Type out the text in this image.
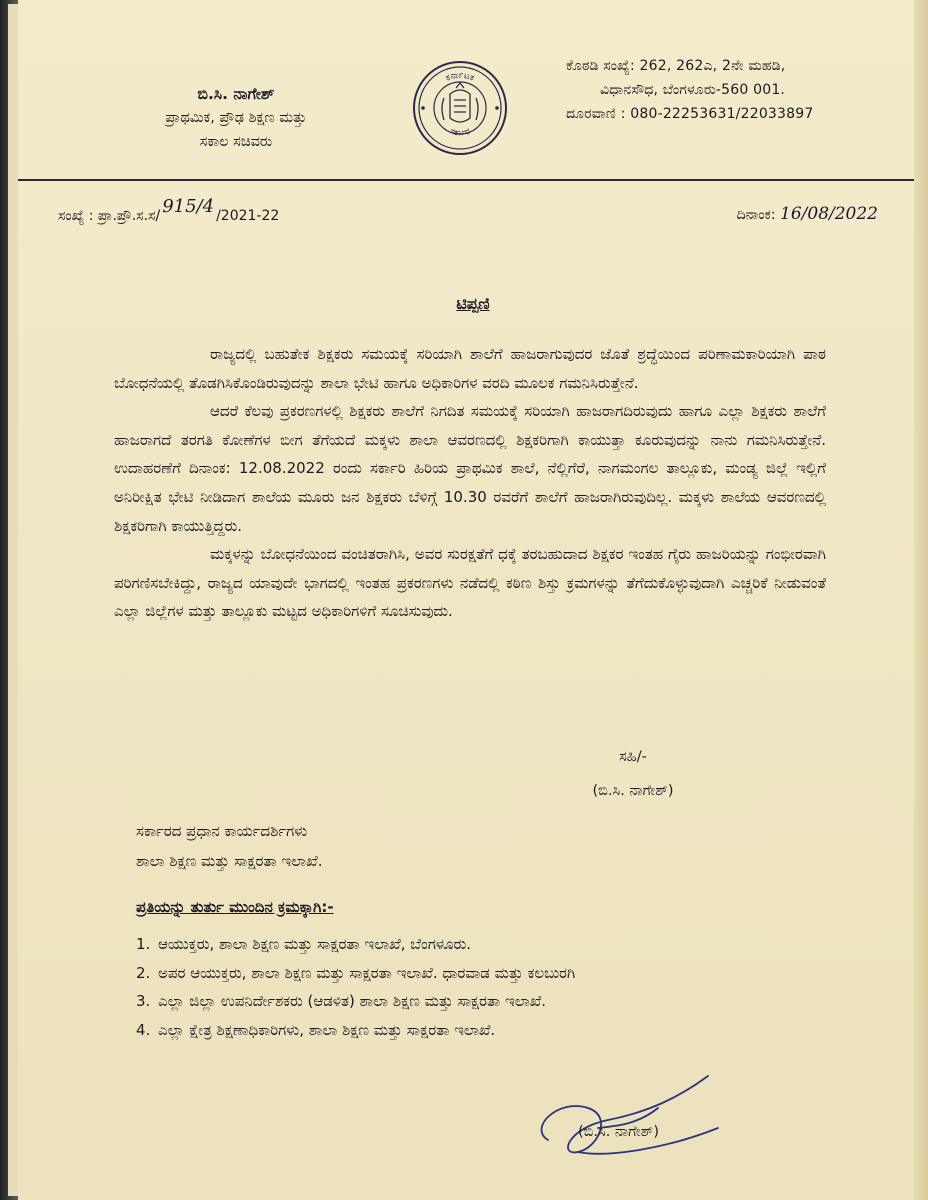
ಬಿ.ಸಿ. ನಾಗೇಶ್
ಪ್ರಾಥಮಿಕ, ಪ್ರೌಢ ಶಿಕ್ಷಣ ಮತ್ತು
ಸಕಾಲ ಸಚಿವರು
ಕರ್ನಾಟಕ
ಸರ್ಕಾರ
ಕೊಠಡಿ ಸಂಖ್ಯೆ: 262, 262ಎ, 2ನೇ ಮಹಡಿ,
ವಿಧಾನಸೌಧ, ಬೆಂಗಳೂರು-560 001.
ದೂರವಾಣಿ : 080-22253631/22033897
ಸಂಖ್ಯೆ : ಪ್ರಾ.ಪ್ರೌ.ಸ.ಸ/ 915/4 /2021-22	ದಿನಾಂಕ: 16/08/2022
ಟಿಪ್ಪಣಿ

ರಾಜ್ಯದಲ್ಲಿ ಬಹುತೇಕ ಶಿಕ್ಷಕರು ಸಮಯಕ್ಕೆ ಸರಿಯಾಗಿ ಶಾಲೆಗೆ ಹಾಜರಾಗುವುದರ ಜೊತೆ ಶ್ರದ್ಧೆಯಿಂದ ಪರಿಣಾಮಕಾರಿಯಾಗಿ ಪಾಠ ಬೋಧನೆಯಲ್ಲಿ ತೊಡಗಿಸಿಕೊಂಡಿರುವುದನ್ನು ಶಾಲಾ ಭೇಟಿ ಹಾಗೂ ಅಧಿಕಾರಿಗಳ ವರದಿ ಮೂಲಕ ಗಮನಿಸಿರುತ್ತೇನೆ.

ಆದರೆ ಕೆಲವು ಪ್ರಕರಣಗಳಲ್ಲಿ ಶಿಕ್ಷಕರು ಶಾಲೆಗೆ ನಿಗದಿತ ಸಮಯಕ್ಕೆ ಸರಿಯಾಗಿ ಹಾಜರಾಗದಿರುವುದು ಹಾಗೂ ಎಲ್ಲಾ ಶಿಕ್ಷಕರು ಶಾಲೆಗೆ ಹಾಜರಾಗದೆ ತರಗತಿ ಕೋಣೆಗಳ ಬೀಗ ತೆಗೆಯದೆ ಮಕ್ಕಳು ಶಾಲಾ ಆವರಣದಲ್ಲಿ ಶಿಕ್ಷಕರಿಗಾಗಿ ಕಾಯುತ್ತಾ ಕೂರುವುದನ್ನು ನಾನು ಗಮನಿಸಿರುತ್ತೇನೆ. ಉದಾಹರಣೆಗೆ ದಿನಾಂಕ: 12.08.2022 ರಂದು ಸರ್ಕಾರಿ ಹಿರಿಯ ಪ್ರಾಥಮಿಕ ಶಾಲೆ, ನೆಲ್ಲಿಗೆರೆ, ನಾಗಮಂಗಲ ತಾಲ್ಲೂಕು, ಮಂಡ್ಯ ಜಿಲ್ಲೆ ಇಲ್ಲಿಗೆ ಅನಿರೀಕ್ಷಿತ ಭೇಟಿ ನೀಡಿದಾಗ ಶಾಲೆಯ ಮೂರು ಜನ ಶಿಕ್ಷಕರು ಬೆಳಿಗ್ಗೆ 10.30 ರವರೆಗೆ ಶಾಲೆಗೆ ಹಾಜರಾಗಿರುವುದಿಲ್ಲ. ಮಕ್ಕಳು ಶಾಲೆಯ ಆವರಣದಲ್ಲಿ ಶಿಕ್ಷಕರಿಗಾಗಿ ಕಾಯುತ್ತಿದ್ದರು.

ಮಕ್ಕಳನ್ನು ಬೋಧನೆಯಿಂದ ವಂಚಿತರಾಗಿಸಿ, ಅವರ ಸುರಕ್ಷತೆಗೆ ಧಕ್ಕೆ ತರಬಹುದಾದ ಶಿಕ್ಷಕರ ಇಂತಹ ಗೈರು ಹಾಜರಿಯನ್ನು ಗಂಭೀರವಾಗಿ ಪರಿಗಣಿಸಬೇಕಿದ್ದು, ರಾಜ್ಯದ ಯಾವುದೇ ಭಾಗದಲ್ಲಿ ಇಂತಹ ಪ್ರಕರಣಗಳು ನಡೆದಲ್ಲಿ ಕಠಿಣ ಶಿಸ್ತು ಕ್ರಮಗಳನ್ನು ತೆಗೆದುಕೊಳ್ಳುವುದಾಗಿ ಎಚ್ಚರಿಕೆ ನೀಡುವಂತೆ ಎಲ್ಲಾ ಜಿಲ್ಲೆಗಳ ಮತ್ತು ತಾಲ್ಲೂಕು ಮಟ್ಟದ ಅಧಿಕಾರಿಗಳಿಗೆ ಸೂಚಿಸುವುದು.

ಸಹಿ/-
(ಬಿ.ಸಿ. ನಾಗೇಶ್)
ಸರ್ಕಾರದ ಪ್ರಧಾನ ಕಾರ್ಯದರ್ಶಿಗಳು
ಶಾಲಾ ಶಿಕ್ಷಣ ಮತ್ತು ಸಾಕ್ಷರತಾ ಇಲಾಖೆ.
ಪ್ರತಿಯನ್ನು ತುರ್ತು ಮುಂದಿನ ಕ್ರಮಕ್ಕಾಗಿ:-
1. ಆಯುಕ್ತರು, ಶಾಲಾ ಶಿಕ್ಷಣ ಮತ್ತು ಸಾಕ್ಷರತಾ ಇಲಾಖೆ, ಬೆಂಗಳೂರು.
2. ಅಪರ ಆಯುಕ್ತರು, ಶಾಲಾ ಶಿಕ್ಷಣ ಮತ್ತು ಸಾಕ್ಷರತಾ ಇಲಾಖೆ. ಧಾರವಾಡ ಮತ್ತು ಕಲಬುರಗಿ
3. ಎಲ್ಲಾ ಜಿಲ್ಲಾ ಉಪನಿರ್ದೇಶಕರು (ಆಡಳಿತ) ಶಾಲಾ ಶಿಕ್ಷಣ ಮತ್ತು ಸಾಕ್ಷರತಾ ಇಲಾಖೆ.
4. ಎಲ್ಲಾ ಕ್ಷೇತ್ರ ಶಿಕ್ಷಣಾಧಿಕಾರಿಗಳು, ಶಾಲಾ ಶಿಕ್ಷಣ ಮತ್ತು ಸಾಕ್ಷರತಾ ಇಲಾಖೆ.
(ಬಿ.ಸಿ. ನಾಗೇಶ್)
